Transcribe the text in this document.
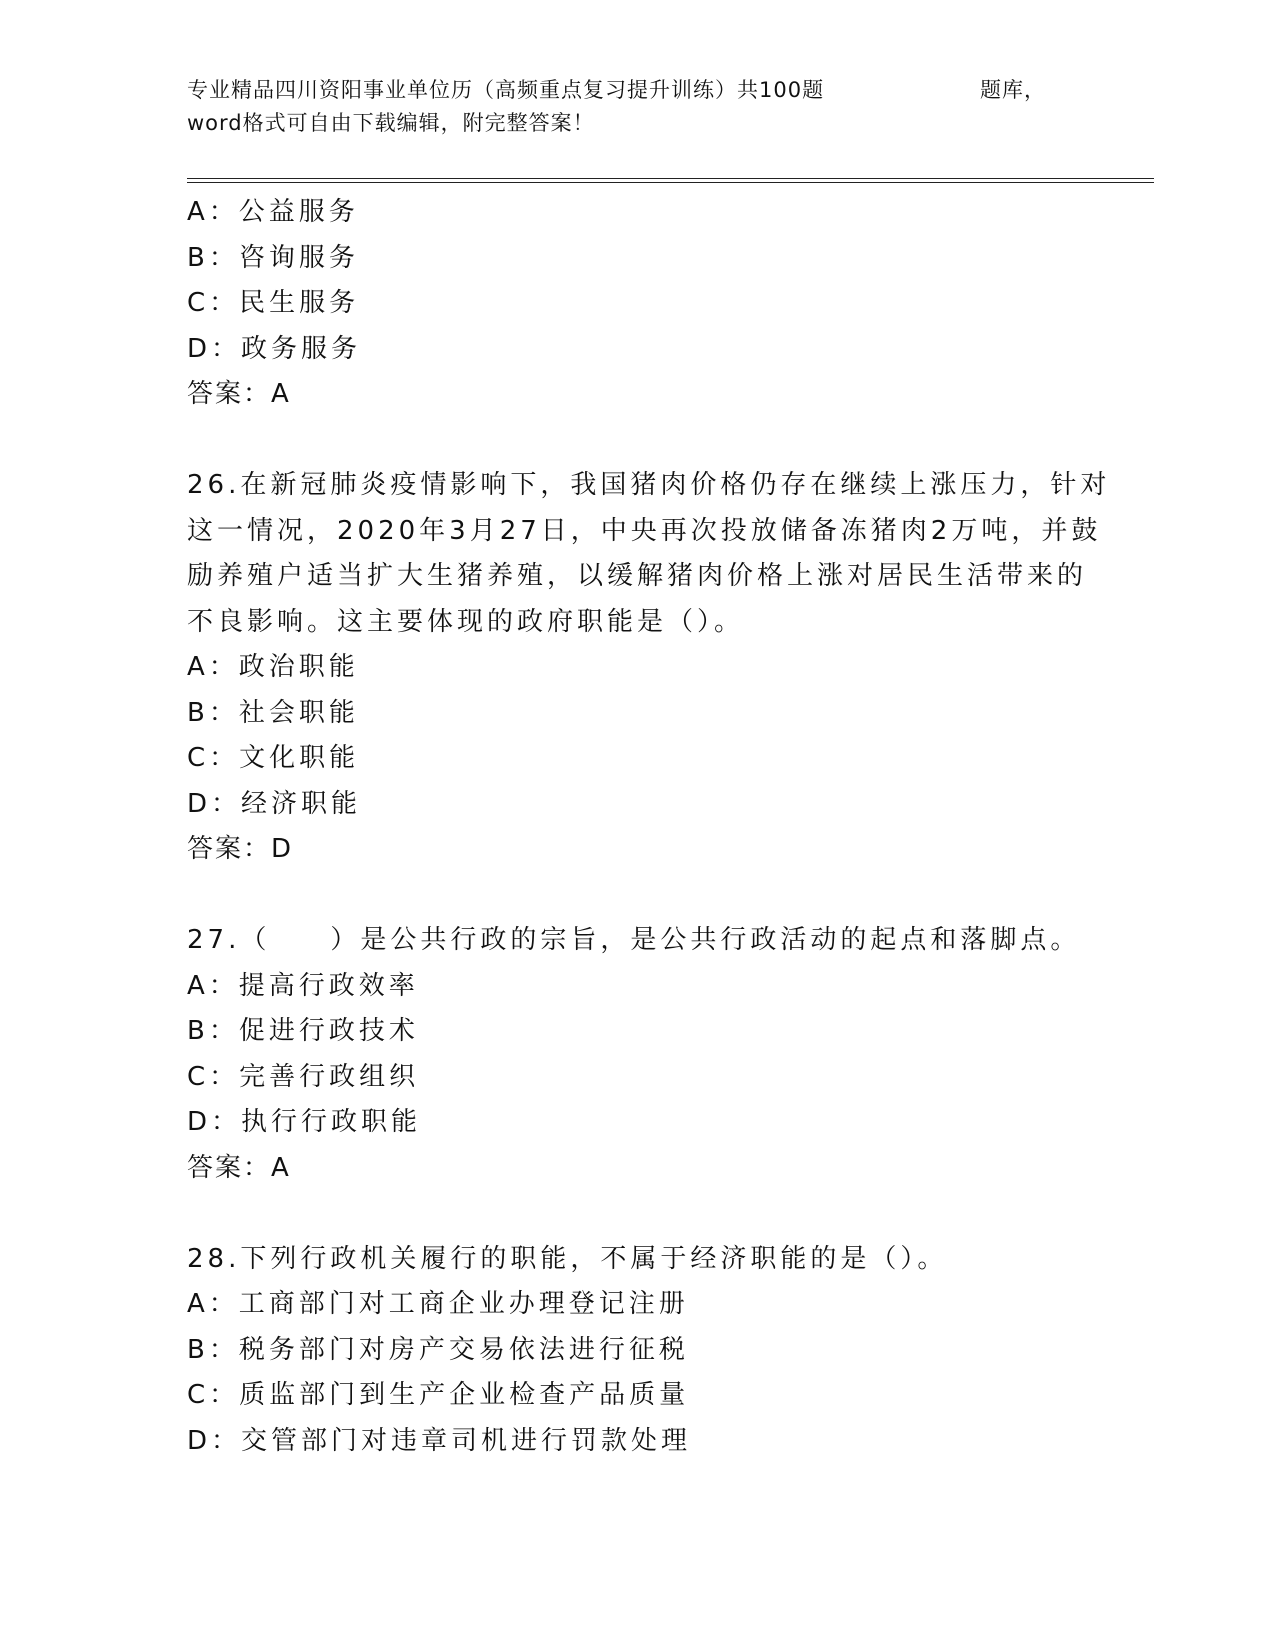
专业精品四川资阳事业单位历（高频重点复习提升训练）共100题	题库，
word格式可自由下载编辑，附完整答案！
A：公益服务
B：咨询服务
C：民生服务
D：政务服务
答案：A
26.在新冠肺炎疫情影响下，我国猪肉价格仍存在继续上涨压力，针对
这一情况，2020年3月27日，中央再次投放储备冻猪肉2万吨，并鼓
励养殖户适当扩大生猪养殖，以缓解猪肉价格上涨对居民生活带来的
不良影响。这主要体现的政府职能是（）。
A：政治职能
B：社会职能
C：文化职能
D：经济职能
答案：D
27.（　　）是公共行政的宗旨，是公共行政活动的起点和落脚点。
A：提高行政效率
B：促进行政技术
C：完善行政组织
D：执行行政职能
答案：A
28.下列行政机关履行的职能，不属于经济职能的是（）。
A：工商部门对工商企业办理登记注册
B：税务部门对房产交易依法进行征税
C：质监部门到生产企业检查产品质量
D：交管部门对违章司机进行罚款处理
